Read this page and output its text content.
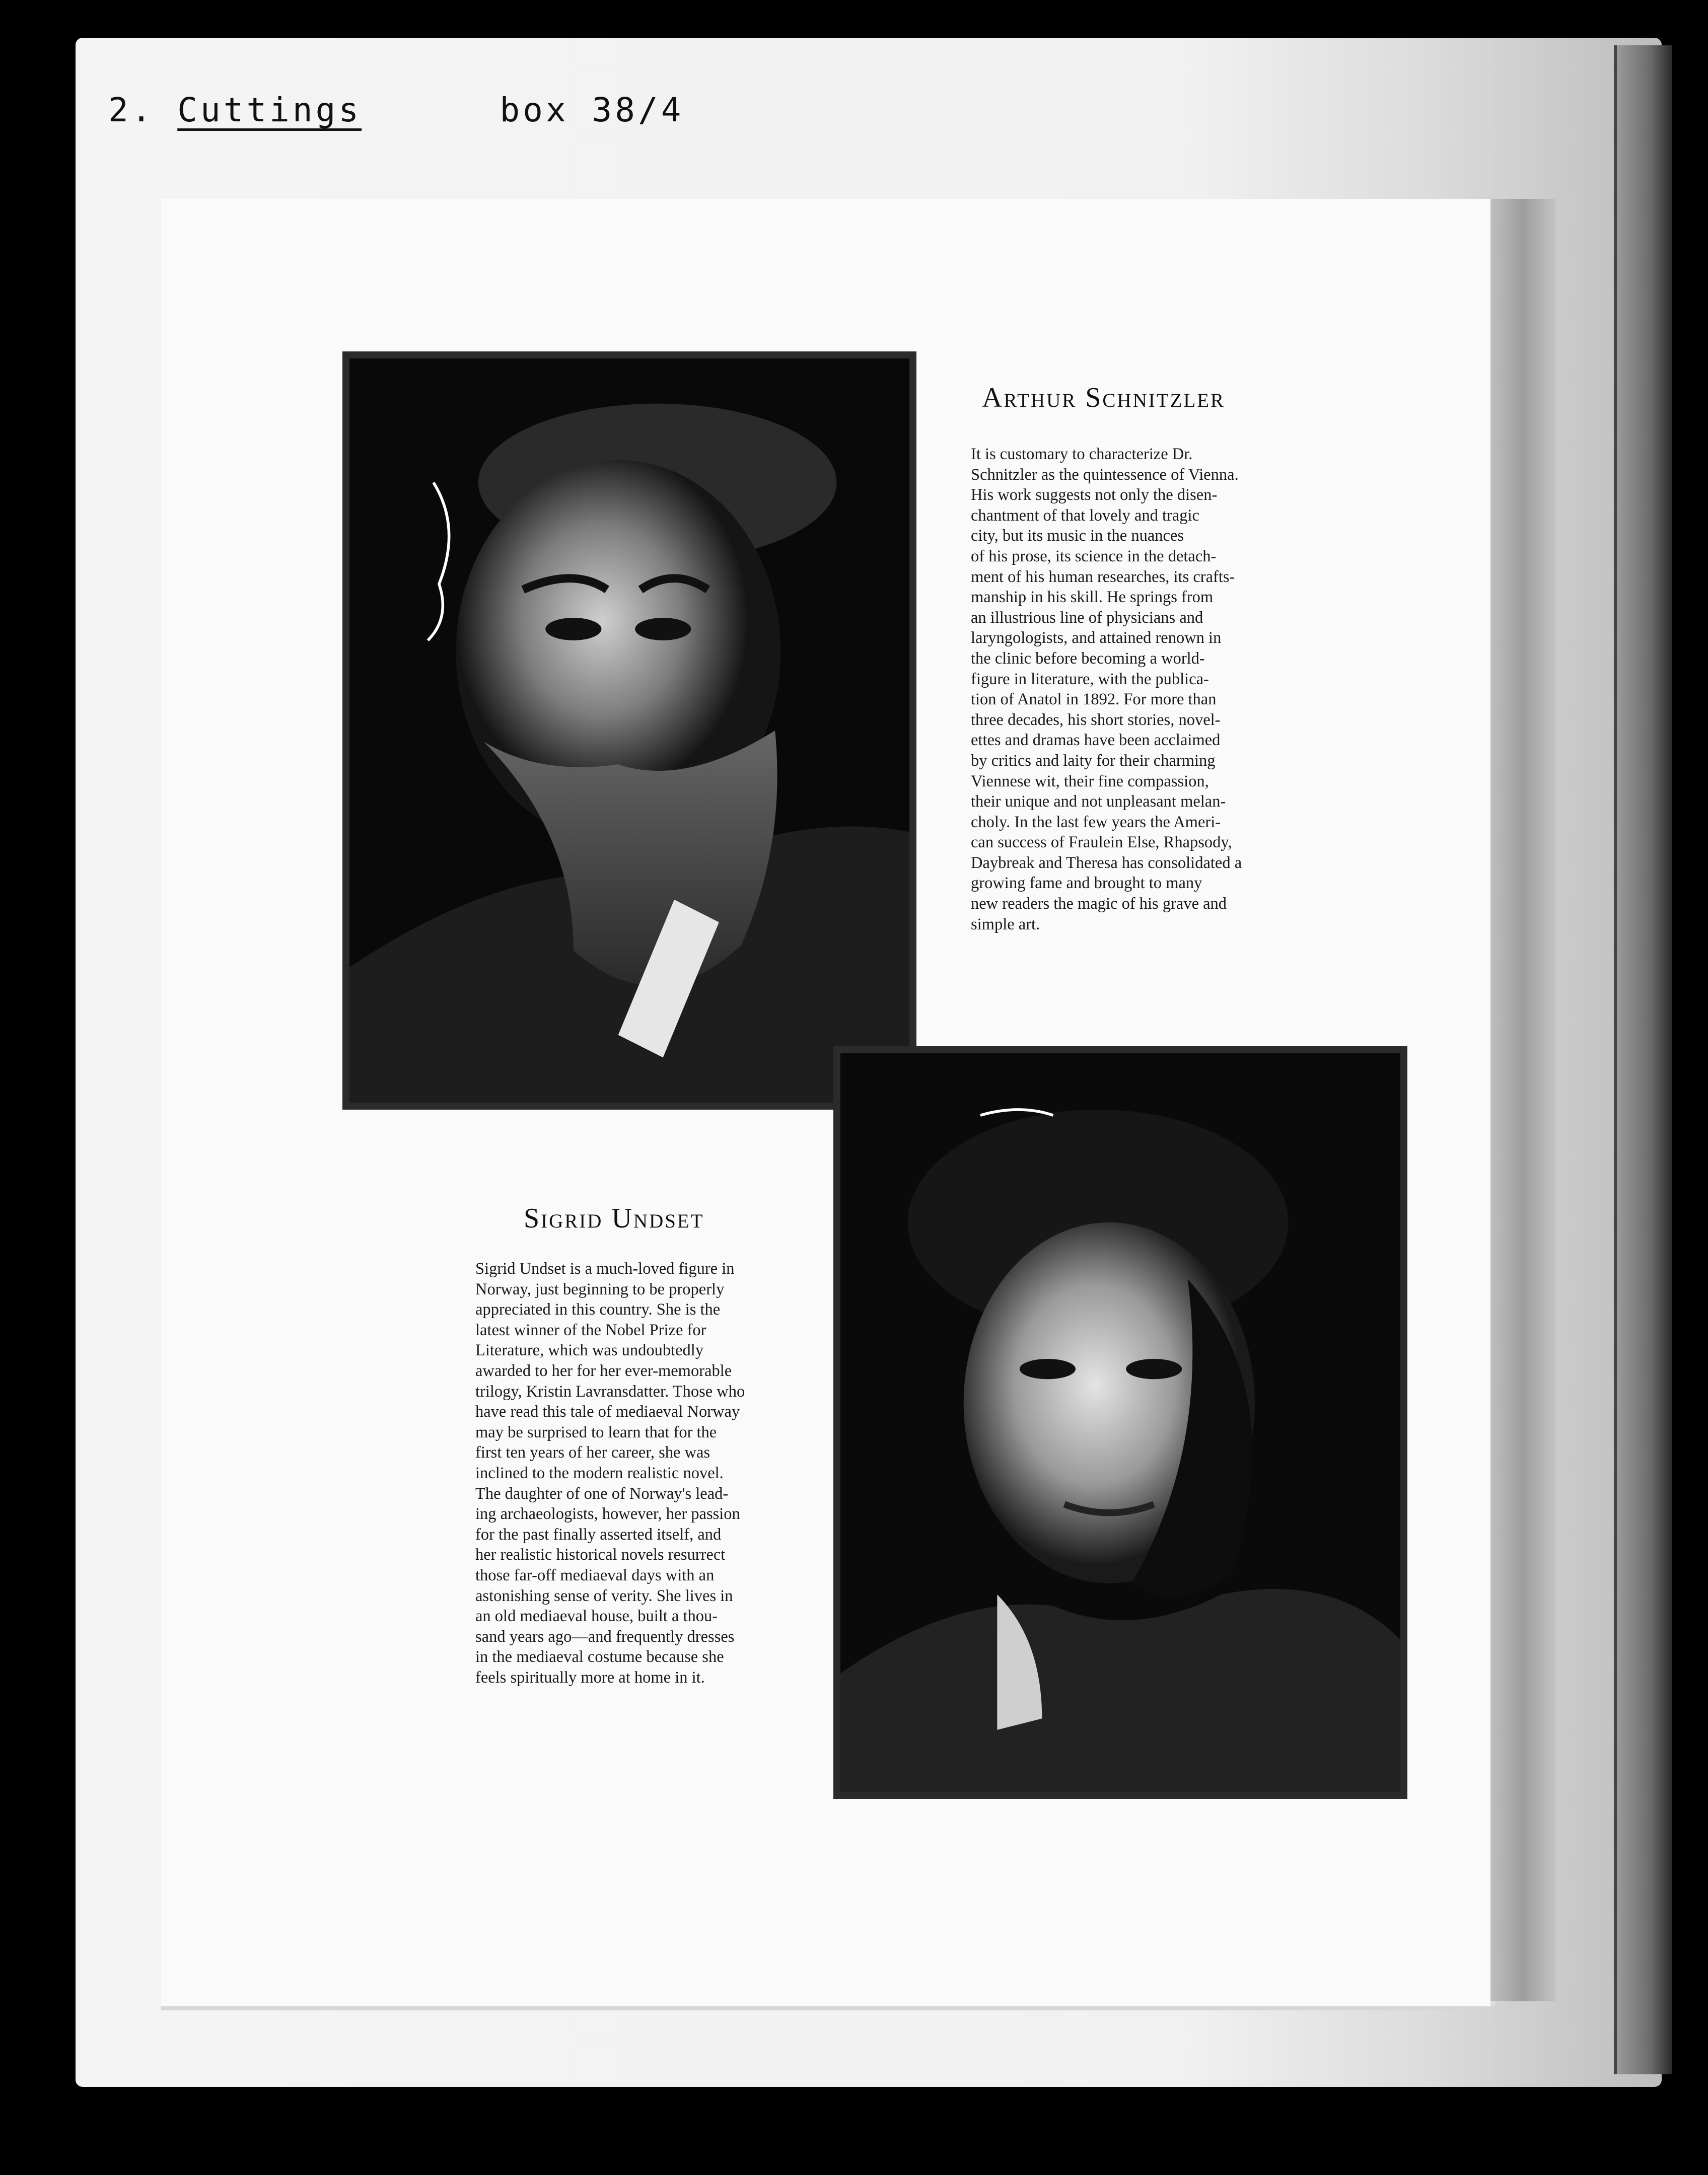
2. Cuttings	box 38/4
Arthur Schnitzler
It is customary to characterize Dr.
Schnitzler as the quintessence of Vienna.
His work suggests not only the disen-
chantment of that lovely and tragic
city, but its music in the nuances
of his prose, its science in the detach-
ment of his human researches, its crafts-
manship in his skill. He springs from
an illustrious line of physicians and
laryngologists, and attained renown in
the clinic before becoming a world-
figure in literature, with the publica-
tion of Anatol in 1892. For more than
three decades, his short stories, novel-
ettes and dramas have been acclaimed
by critics and laity for their charming
Viennese wit, their fine compassion,
their unique and not unpleasant melan-
choly. In the last few years the Ameri-
can success of Fraulein Else, Rhapsody,
Daybreak and Theresa has consolidated a
growing fame and brought to many
new readers the magic of his grave and
simple art.
Sigrid Undset
Sigrid Undset is a much-loved figure in
Norway, just beginning to be properly
appreciated in this country. She is the
latest winner of the Nobel Prize for
Literature, which was undoubtedly
awarded to her for her ever-memorable
trilogy, Kristin Lavransdatter. Those who
have read this tale of mediaeval Norway
may be surprised to learn that for the
first ten years of her career, she was
inclined to the modern realistic novel.
The daughter of one of Norway's lead-
ing archaeologists, however, her passion
for the past finally asserted itself, and
her realistic historical novels resurrect
those far-off mediaeval days with an
astonishing sense of verity. She lives in
an old mediaeval house, built a thou-
sand years ago—and frequently dresses
in the mediaeval costume because she
feels spiritually more at home in it.
